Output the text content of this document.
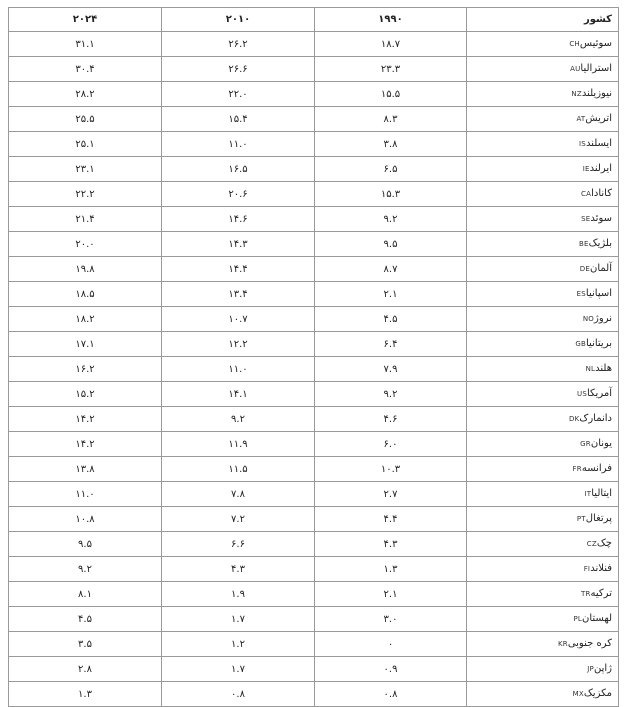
کشور	۱۹۹۰	۲۰۱۰	۲۰۲۴
سوئیسCH	۱۸.۷	۲۶.۲	۳۱.۱
استرالیاAU	۲۳.۳	۲۶.۶	۳۰.۴
نیوزیلندNZ	۱۵.۵	۲۲.۰	۲۸.۲
اتریشAT	۸.۳	۱۵.۴	۲۵.۵
ایسلندIS	۳.۸	۱۱.۰	۲۵.۱
ایرلندIE	۶.۵	۱۶.۵	۲۳.۱
کاناداCA	۱۵.۳	۲۰.۶	۲۲.۲
سوئدSE	۹.۲	۱۴.۶	۲۱.۴
بلژیکBE	۹.۵	۱۴.۳	۲۰.۰
آلمانDE	۸.۷	۱۴.۴	۱۹.۸
اسپانیاES	۲.۱	۱۳.۴	۱۸.۵
نروژNO	۴.۵	۱۰.۷	۱۸.۲
بریتانیاGB	۶.۴	۱۲.۲	۱۷.۱
هلندNL	۷.۹	۱۱.۰	۱۶.۲
آمریکاUS	۹.۲	۱۴.۱	۱۵.۲
دانمارکDK	۴.۶	۹.۲	۱۴.۲
یونانGR	۶.۰	۱۱.۹	۱۴.۲
فرانسهFR	۱۰.۳	۱۱.۵	۱۳.۸
ایتالیاIT	۲.۷	۷.۸	۱۱.۰
پرتغالPT	۴.۴	۷.۲	۱۰.۸
چکCZ	۴.۳	۶.۶	۹.۵
فنلاندFI	۱.۳	۴.۳	۹.۲
ترکیهTR	۲.۱	۱.۹	۸.۱
لهستانPL	۳.۰	۱.۷	۴.۵
کره جنوبیKR	۰	۱.۲	۳.۵
ژاپنJP	۰.۹	۱.۷	۲.۸
مکزیکMX	۰.۸	۰.۸	۱.۳
